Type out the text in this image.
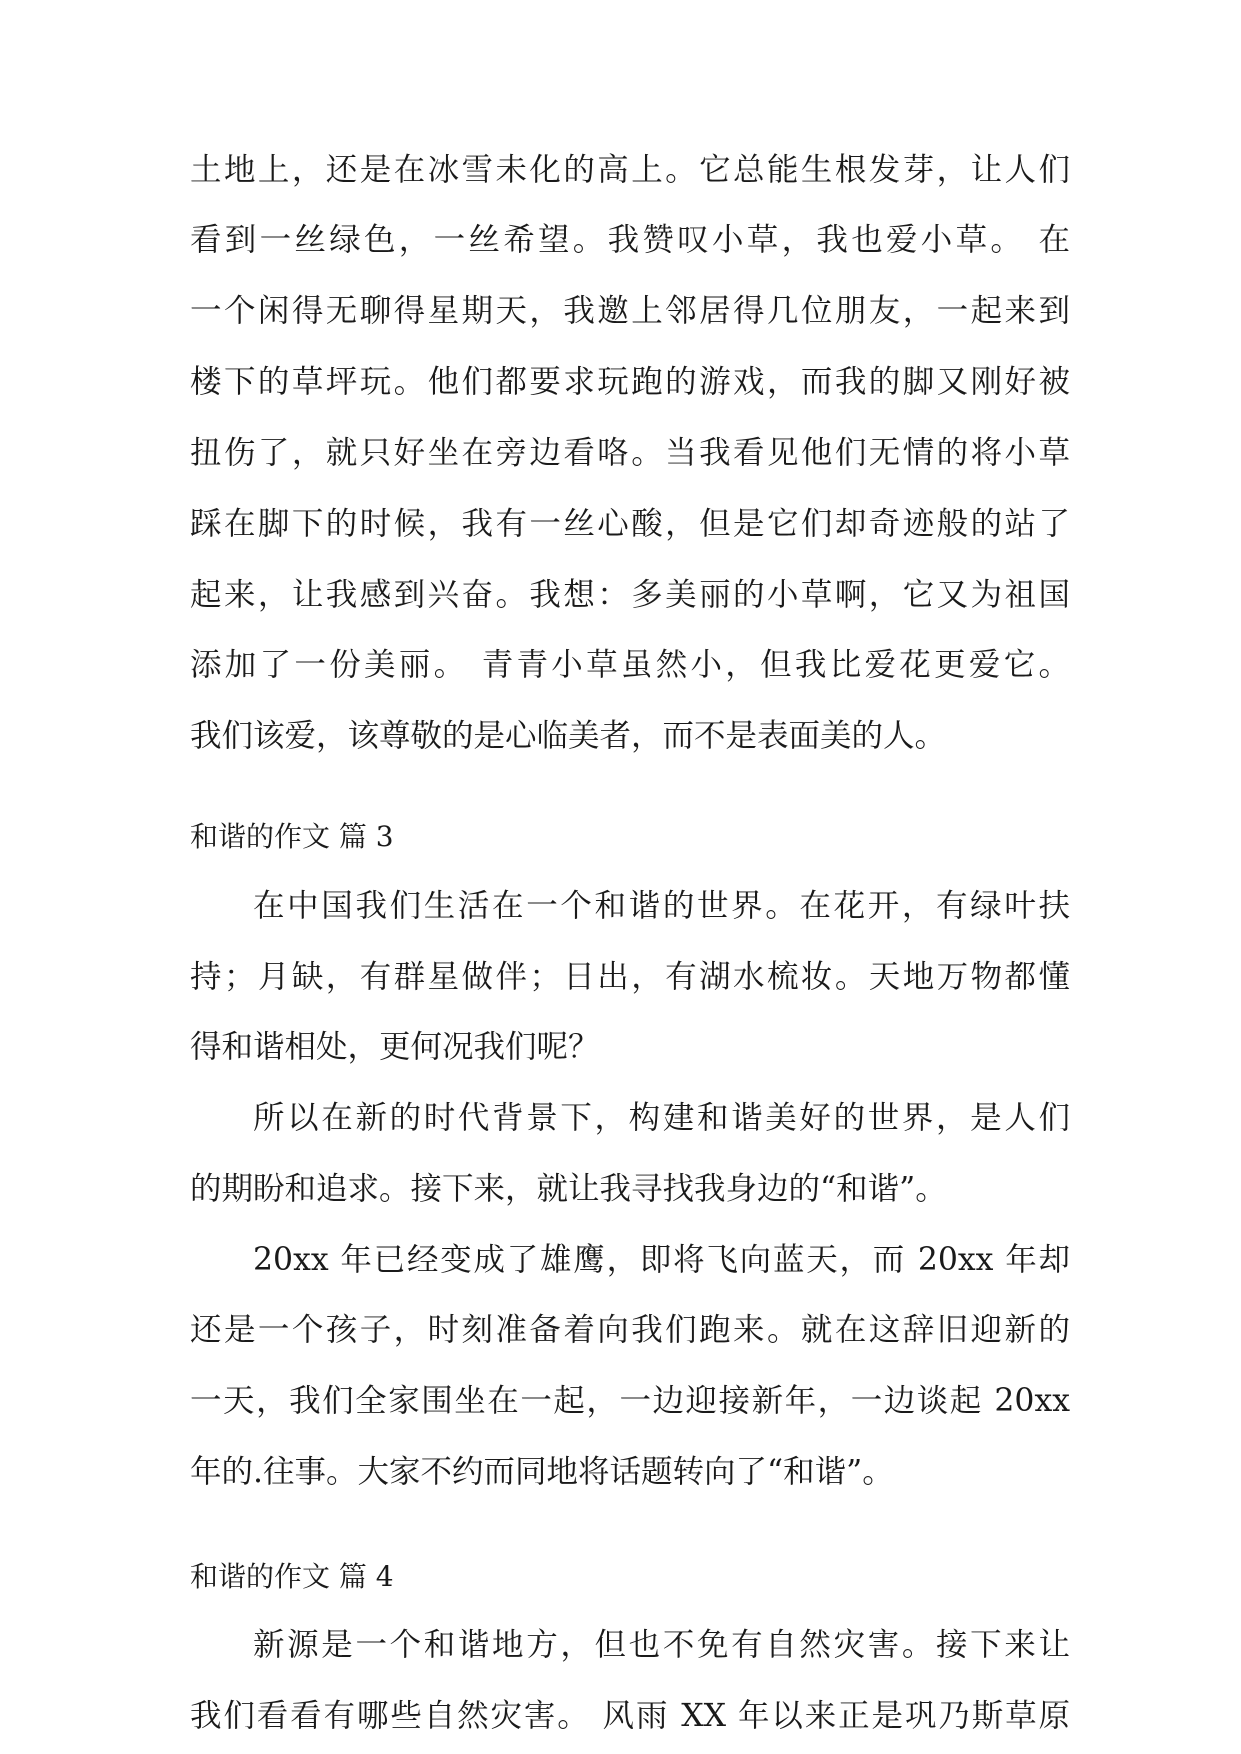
土地上，还是在冰雪未化的高上。它总能生根发芽，让人们
看到一丝绿色，一丝希望。我赞叹小草，我也爱小草。 在
一个闲得无聊得星期天，我邀上邻居得几位朋友，一起来到
楼下的草坪玩。他们都要求玩跑的游戏，而我的脚又刚好被
扭伤了，就只好坐在旁边看咯。当我看见他们无情的将小草
踩在脚下的时候，我有一丝心酸，但是它们却奇迹般的站了
起来，让我感到兴奋。我想：多美丽的小草啊，它又为祖国
添加了一份美丽。 青青小草虽然小，但我比爱花更爱它。
我们该爱，该尊敬的是心临美者，而不是表面美的人。
和谐的作文 篇 3
在中国我们生活在一个和谐的世界。在花开，有绿叶扶
持；月缺，有群星做伴；日出，有湖水梳妆。天地万物都懂
得和谐相处，更何况我们呢？
所以在新的时代背景下，构建和谐美好的世界，是人们
的期盼和追求。接下来，就让我寻找我身边的“和谐”。
20xx 年已经变成了雄鹰，即将飞向蓝天，而 20xx 年却
还是一个孩子，时刻准备着向我们跑来。就在这辞旧迎新的
一天，我们全家围坐在一起，一边迎接新年，一边谈起 20xx
年的.往事。大家不约而同地将话题转向了“和谐”。
和谐的作文 篇 4
新源是一个和谐地方，但也不免有自然灾害。接下来让
我们看看有哪些自然灾害。 风雨 XX 年以来正是巩乃斯草原
